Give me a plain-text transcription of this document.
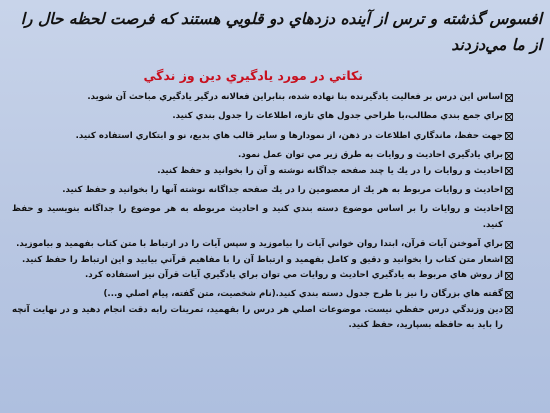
افسوس گذشته و ترس از آينده دزدهاي دو قلويي هستند كه فرصت لحظه حال را از ما مي‌دزدند
نكاتي در مورد يادگيري دين وز ندگي

اساس اين درس بر فعاليت يادگيرنده بنا نهاده شده، بنابراين فعالانه درگير يادگيري مباحث آن شويد.

براي جمع بندي مطالب،با طراحي جدول هاي تازه، اطلاعات را جدول بندي كنيد.

جهت حفظ، ماندگاري اطلاعات در ذهن، از نمودارها و ساير قالب هاي بديع، نو و ابتكاري استفاده كنيد.

براي يادگيري احاديث و روايات به طرق زير مي توان عمل نمود.

احاديث و روايات را در يك يا چند صفحه جداگانه نوشته و آن را بخوانيد و حفظ كنيد.

احاديث و روايات مربوط به هر يك از معصومين را در يك صفحه جداگانه نوشته آنها را بخوانيد و حفظ كنيد.

احاديث و روايات را بر اساس موضوع دسته بندي كنيد و احاديث مربوطه به هر موضوع را جداگانه بنويسيد و حفظ كنيد.

براي آموختن آيات قرآن، ابتدا روان خواني آيات را بياموزيد و سپس آيات را در ارتباط با متن كتاب بفهميد و بياموزيد.

اشعار متن كتاب را بخوانيد و دقيق و كامل بفهميد و ارتباط آن را با مفاهيم قرآني بيابيد و اين ارتباط را حفظ كنيد.

از روش هاي مربوط به يادگيري احاديث و روايات مي توان براي يادگيري آيات قرآن نيز استفاده كرد.

گفته هاي بزرگان را نيز با طرح جدول دسته بندي كنيد.(نام شخصيت، متن گفته، پيام اصلي و...)

دين وزندگي درس حفظي نيست. موضوعات اصلي هر درس را بفهميد، تمرينات رابه دقت انجام دهيد و در نهايت آنچه را بايد به حافظه بسپاريد، حفظ كنيد.
